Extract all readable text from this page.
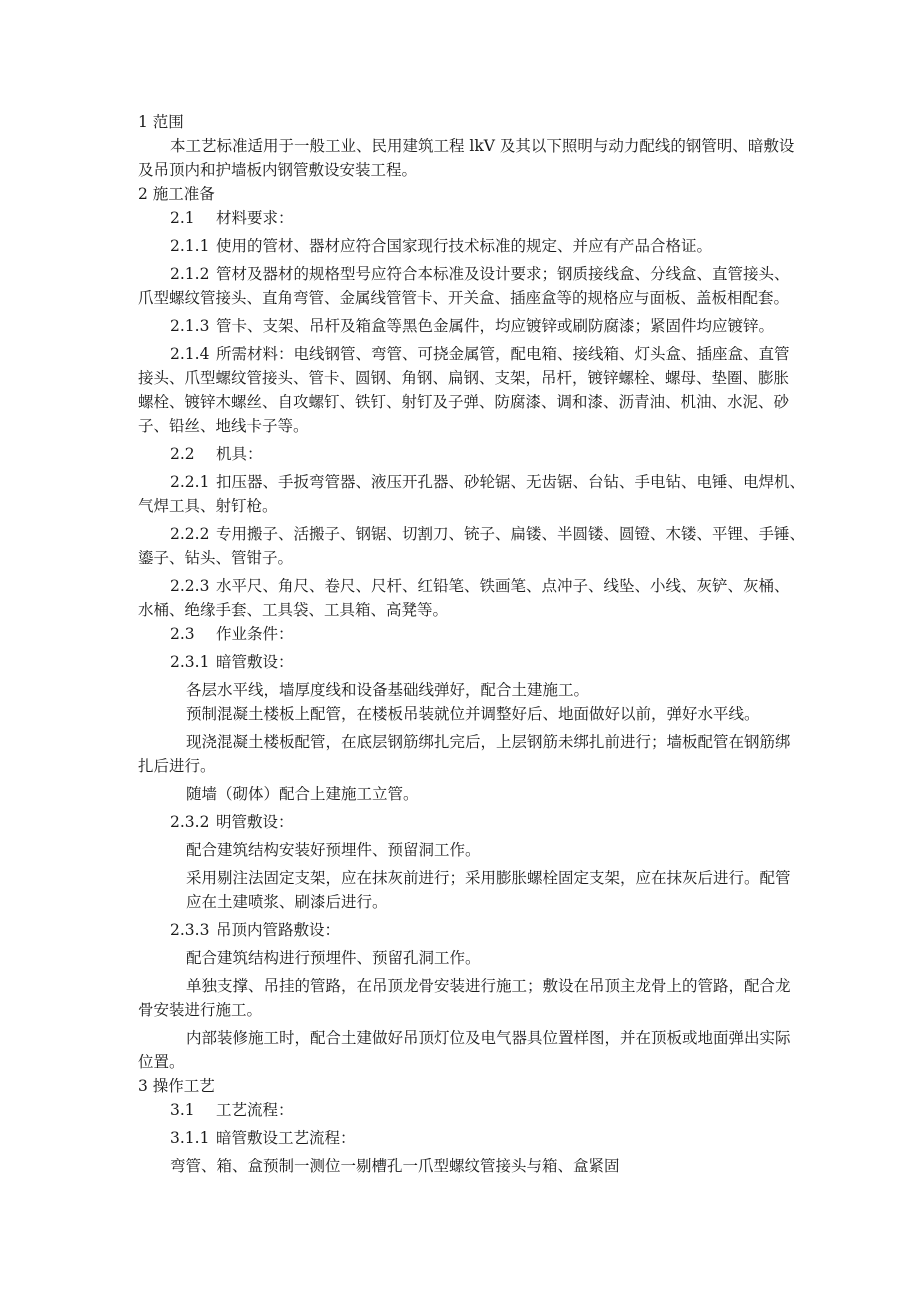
1 范围
本工艺标准适用于一般工业、民用建筑工程 lkV 及其以下照明与动力配线的钢管明、暗敷设
及吊顶内和护墙板内钢管敷设安装工程。
2 施工准备
2.1 材料要求：
2.1.1 使用的管材、器材应符合国家现行技术标准的规定、并应有产品合格证。
2.1.2 管材及器材的规格型号应符合本标准及设计要求；钢质接线盒、分线盒、直管接头、
爪型螺纹管接头、直角弯管、金属线管管卡、开关盒、插座盒等的规格应与面板、盖板相配套。
2.1.3 管卡、支架、吊杆及箱盒等黑色金属件，均应镀锌或刷防腐漆；紧固件均应镀锌。
2.1.4 所需材料：电线钢管、弯管、可挠金属管，配电箱、接线箱、灯头盒、插座盒、直管
接头、爪型螺纹管接头、管卡、圆钢、角钢、扁钢、支架，吊杆，镀锌螺栓、螺母、垫圈、膨胀
螺栓、镀锌木螺丝、自攻螺钉、铁钉、射钉及子弹、防腐漆、调和漆、沥青油、机油、水泥、砂
子、铅丝、地线卡子等。
2.2 机具：
2.2.1 扣压器、手扳弯管器、液压开孔器、砂轮锯、无齿锯、台钻、手电钻、电锤、电焊机、
气焊工具、射钉枪。
2.2.2 专用搬子、活搬子、钢锯、切割刀、铳子、扁镂、半圆镂、圆镫、木镂、平锂、手锤、
鎏子、钻头、管钳子。
2.2.3 水平尺、角尺、卷尺、尺杆、红铅笔、铁画笔、点冲子、线坠、小线、灰铲、灰桶、
水桶、绝缘手套、工具袋、工具箱、高凳等。
2.3 作业条件：
2.3.1 暗管敷设：
各层水平线，墙厚度线和设备基础线弹好，配合土建施工。
预制混凝土楼板上配管，在楼板吊装就位并调整好后、地面做好以前，弹好水平线。
现浇混凝土楼板配管，在底层钢筋绑扎完后，上层钢筋未绑扎前进行；墙板配管在钢筋绑
扎后进行。
随墙（砌体）配合上建施工立管。
2.3.2 明管敷设：
配合建筑结构安装好预埋件、预留洞工作。
采用剔注法固定支架，应在抹灰前进行；采用膨胀螺栓固定支架，应在抹灰后进行。配管
应在土建喷浆、刷漆后进行。
2.3.3 吊顶内管路敷设：
配合建筑结构进行预埋件、预留孔洞工作。
单独支撑、吊挂的管路，在吊顶龙骨安装进行施工；敷设在吊顶主龙骨上的管路，配合龙
骨安装进行施工。
内部装修施工时，配合土建做好吊顶灯位及电气器具位置样图，并在顶板或地面弹出实际
位置。
3 操作工艺
3.1 工艺流程：
3.1.1 暗管敷设工艺流程：
弯管、箱、盒预制一测位一剔槽孔一爪型螺纹管接头与箱、盒紧固
